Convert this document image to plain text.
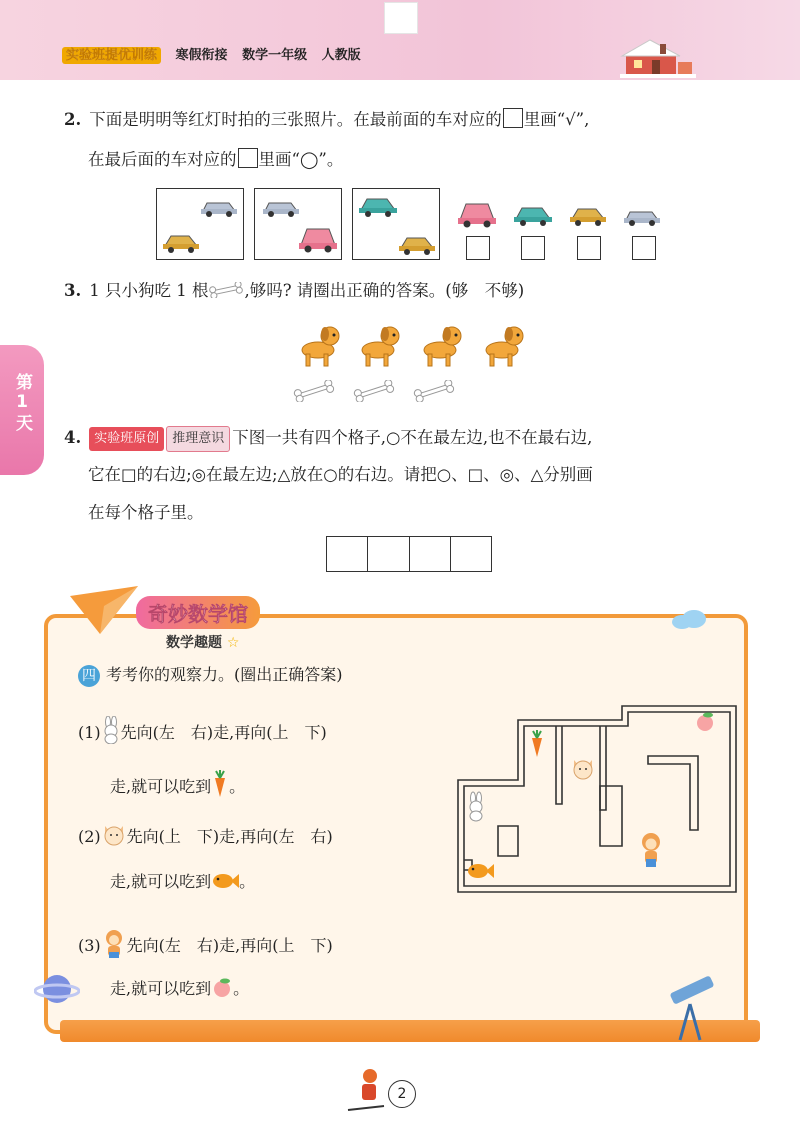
实验班提优训练 寒假衔接 数学一年级 人教版
第1天
2. 下面是明明等红灯时拍的三张照片。在最前面的车对应的 里画“√”,
在最后面的车对应的 里画“◯”。
3. 1 只小狗吃 1 根 ,够吗? 请圈出正确的答案。(够　不够)
4. 实验班原创 推理意识 下图一共有四个格子,○不在最左边,也不在最右边,
它在□的右边;◎在最左边;△放在○的右边。请把○、□、◎、△分别画
在每个格子里。
奇妙数学馆
数学趣题 ☆
四 考考你的观察力。(圈出正确答案)
(1) 先向(左　右)走,再向(上　下)
走,就可以吃到 。
(2) 先向(上　下)走,再向(左　右)
走,就可以吃到 。
(3) 先向(左　右)走,再向(上　下)
走,就可以吃到 。
2
